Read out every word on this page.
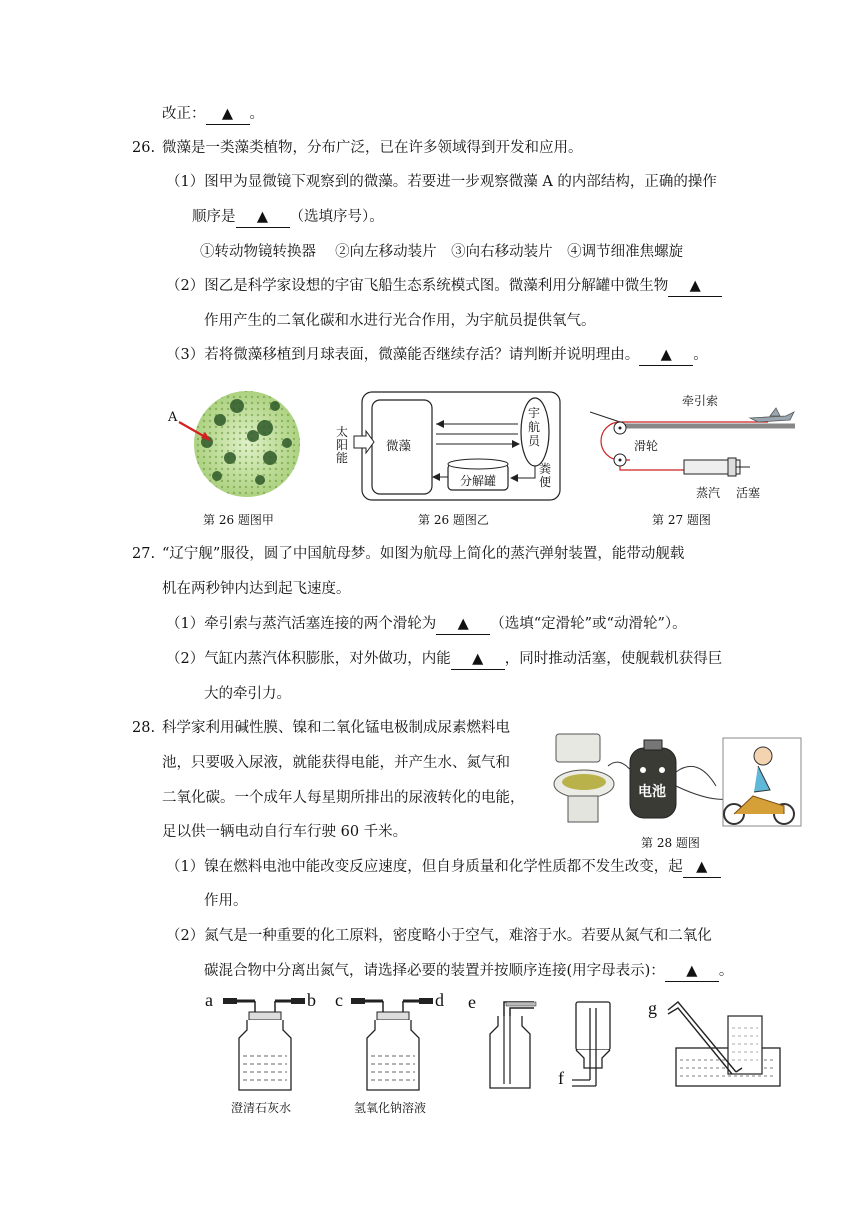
改正： ▲ 。
26. 微藻是一类藻类植物，分布广泛，已在许多领域得到开发和应用。
（1）图甲为显微镜下观察到的微藻。若要进一步观察微藻 A 的内部结构，正确的操作
顺序是 ▲ （选填序号）。
①转动物镜转换器　 ②向左移动装片　③向右移动装片　④调节细准焦螺旋
（2）图乙是科学家设想的宇宙飞船生态系统模式图。微藻利用分解罐中微生物 ▲
作用产生的二氧化碳和水进行光合作用，为宇航员提供氧气。
（3）若将微藻移植到月球表面，微藻能否继续存活？请判断并说明理由。 ▲ 。
A
第 26 题图甲
太阳能
微藻
宇航员
分解罐
粪便
第 26 题图乙
牵引索
滑轮
蒸汽 活塞
第 27 题图
27. “辽宁舰”服役，圆了中国航母梦。如图为航母上简化的蒸汽弹射装置，能带动舰载
机在两秒钟内达到起飞速度。
（1）牵引索与蒸汽活塞连接的两个滑轮为 ▲ （选填“定滑轮”或“动滑轮”）。
（2）气缸内蒸汽体积膨胀，对外做功，内能 ▲ ，同时推动活塞，使舰载机获得巨
大的牵引力。
28. 科学家利用碱性膜、镍和二氧化锰电极制成尿素燃料电
池，只要吸入尿液，就能获得电能，并产生水、氮气和
二氧化碳。一个成年人每星期所排出的尿液转化的电能，
足以供一辆电动自行车行驶 60 千米。
电池
第 28 题图
（1）镍在燃料电池中能改变反应速度，但自身质量和化学性质都不发生改变，起 ▲
作用。
（2）氮气是一种重要的化工原料，密度略小于空气，难溶于水。若要从氮气和二氧化
碳混合物中分离出氮气，请选择必要的装置并按顺序连接(用字母表示)： ▲ 。
a	b
澄清石灰水
c	d
氢氧化钠溶液
e
f
g
